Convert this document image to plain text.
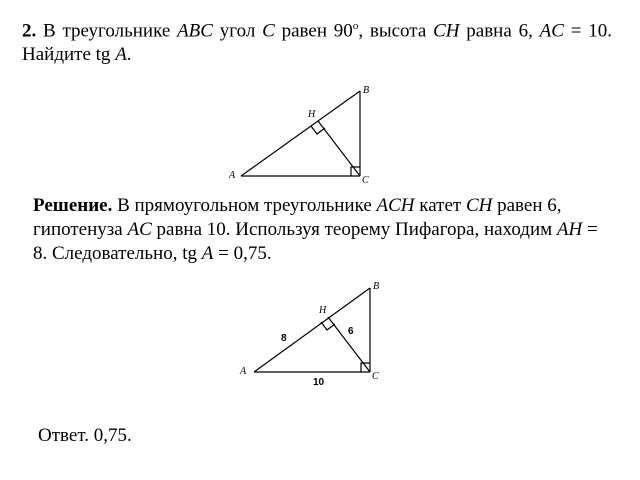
2. В треугольнике ABC угол C равен 90$^o$, высота CH равна 6, AC = 10. Найдите tg A.
A
B
C
H
A
B
C
H
8
6
10
Решение. В прямоугольном треугольнике ACH катет CH равен 6, гипотенуза AC равна 10. Используя теорему Пифагора, находим AH = 8. Следовательно, tg A = 0,75.
Ответ. 0,75.
